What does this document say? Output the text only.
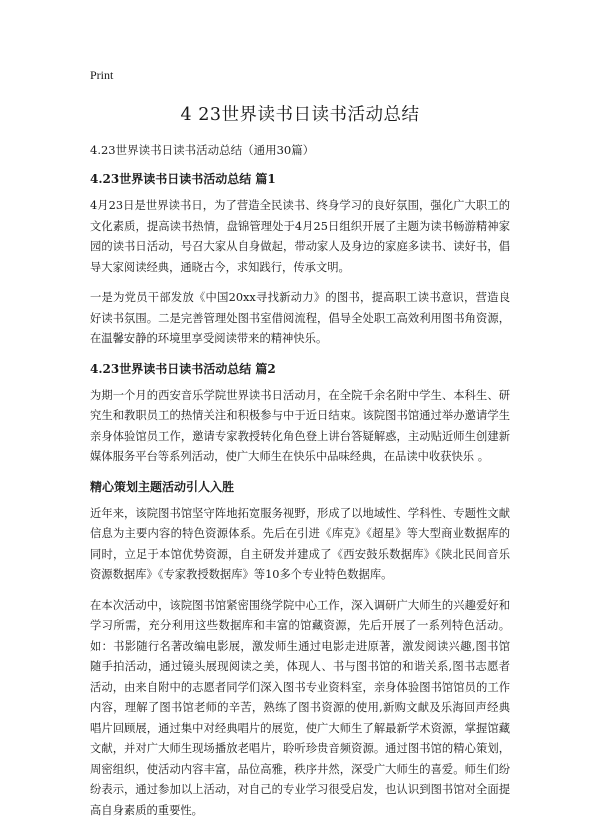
Print
4 23世界读书日读书活动总结
4.23世界读书日读书活动总结（通用30篇）
4.23世界读书日读书活动总结 篇1

4月23日是世界读书日，为了营造全民读书、终身学习的良好氛围，强化广大职工的文化素质，提高读书热情，盘锦管理处于4月25日组织开展了主题为读书畅游精神家园的读书日活动，号召大家从自身做起，带动家人及身边的家庭多读书、读好书，倡导大家阅读经典，通晓古今，求知践行，传承文明。

一是为党员干部发放《中国20xx寻找新动力》的图书，提高职工读书意识，营造良好读书氛围。二是完善管理处图书室借阅流程，倡导全处职工高效利用图书角资源，在温馨安静的环境里享受阅读带来的精神快乐。

4.23世界读书日读书活动总结 篇2

为期一个月的西安音乐学院世界读书日活动月，在全院千余名附中学生、本科生、研究生和教职员工的热情关注和积极参与中于近日结束。该院图书馆通过举办邀请学生亲身体验馆员工作，邀请专家教授转化角色登上讲台答疑解惑，主动贴近师生创建新媒体服务平台等系列活动，使广大师生在快乐中品味经典，在品读中收获快乐 。

精心策划主题活动引人入胜

近年来，该院图书馆坚守阵地拓宽服务视野，形成了以地域性、学科性、专题性文献信息为主要内容的特色资源体系。先后在引进《库克》《超星》等大型商业数据库的同时，立足于本馆优势资源，自主研发并建成了《西安鼓乐数据库》《陕北民间音乐资源数据库》《专家教授数据库》等10多个专业特色数据库。

在本次活动中，该院图书馆紧密围绕学院中心工作，深入调研广大师生的兴趣爱好和学习所需，充分利用这些数据库和丰富的馆藏资源，先后开展了一系列特色活动。如：书影随行名著改编电影展，激发师生通过电影走进原著，激发阅读兴趣,图书馆随手拍活动，通过镜头展现阅读之美，体现人、书与图书馆的和谐关系,图书志愿者活动，由来自附中的志愿者同学们深入图书专业资料室，亲身体验图书馆馆员的工作内容，理解了图书馆老师的辛苦，熟练了图书资源的使用,新购文献及乐海回声经典唱片回顾展，通过集中对经典唱片的展览，使广大师生了解最新学术资源，掌握馆藏文献，并对广大师生现场播放老唱片，聆听珍贵音频资源。通过图书馆的精心策划，周密组织，使活动内容丰富，品位高雅，秩序井然，深受广大师生的喜爱。师生们纷纷表示，通过参加以上活动，对自己的专业学习很受启发，也认识到图书馆对全面提高自身素质的重要性。
